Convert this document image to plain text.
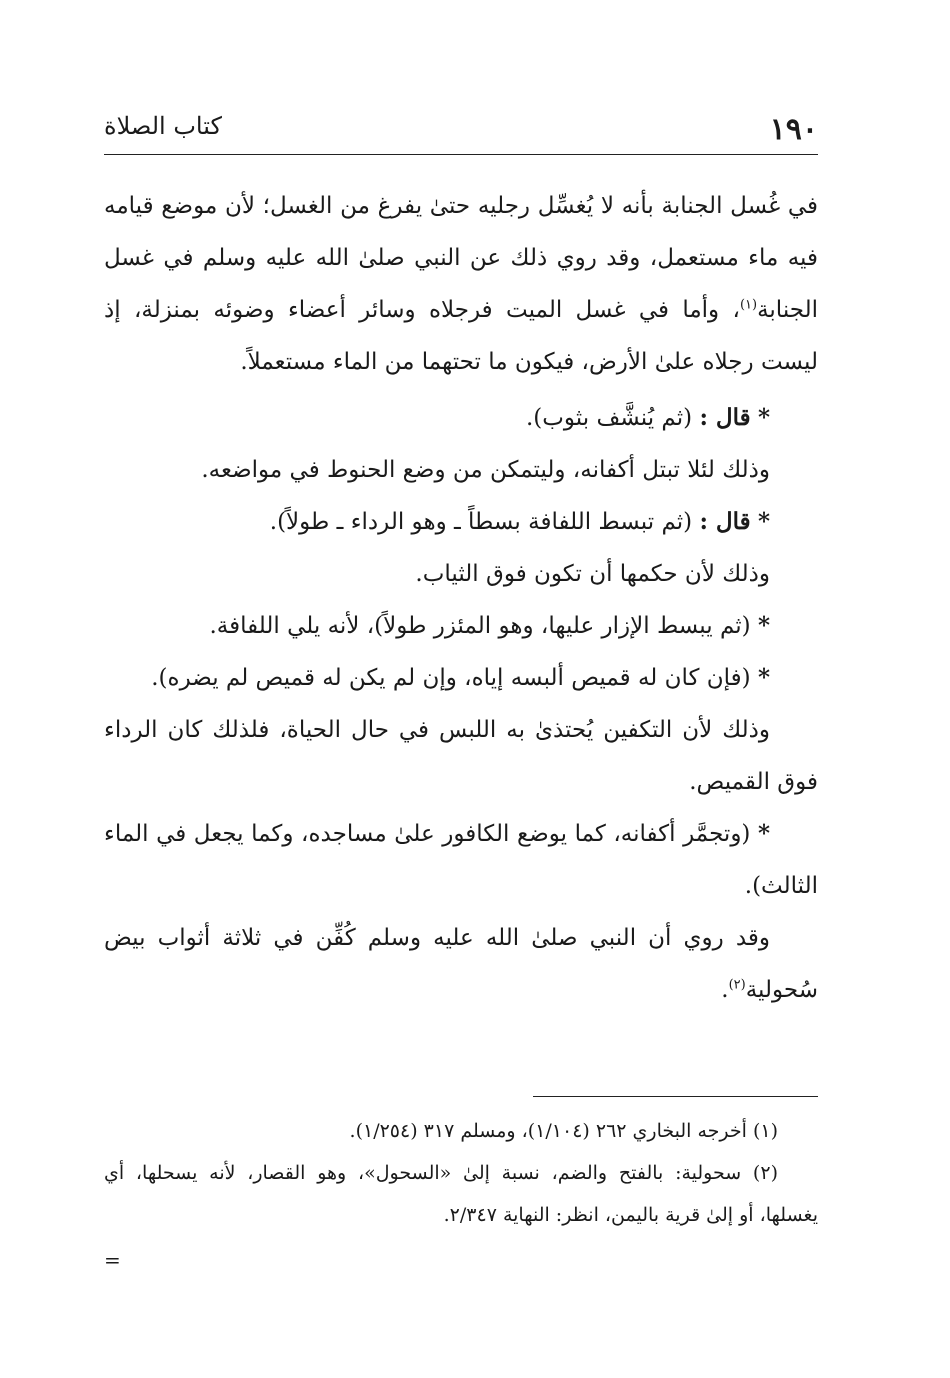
١٩٠
كتاب الصلاة

في غُسل الجنابة بأنه لا يُغسِّل رجليه حتىٰ يفرغ من الغسل؛ لأن موضع قيامه فيه ماء مستعمل، وقد روي ذلك عن النبي صلىٰ الله عليه وسلم في غسل الجنابة$^{(١)}$، وأما في غسل الميت فرجلاه وسائر أعضاء وضوئه بمنزلة، إذ ليست رجلاه علىٰ الأرض، فيكون ما تحتهما من الماء مستعملاً.

* قال : (ثم يُنشَّف بثوب).

وذلك لئلا تبتل أكفانه، وليتمكن من وضع الحنوط في مواضعه.

* قال : (ثم تبسط اللفافة بسطاً ـ وهو الرداء ـ طولاً).

وذلك لأن حكمها أن تكون فوق الثياب.

* (ثم يبسط الإزار عليها، وهو المئزر طولاً)، لأنه يلي اللفافة.

* (فإن كان له قميص ألبسه إياه، وإن لم يكن له قميص لم يضره).

وذلك لأن التكفين يُحتذىٰ به اللبس في حال الحياة، فلذلك كان الرداء فوق القميص.

* (وتجمَّر أكفانه، كما يوضع الكافور علىٰ مساجده، وكما يجعل في الماء الثالث).

وقد روي أن النبي صلىٰ الله عليه وسلم كُفِّن في ثلاثة أثواب بيض سُحولية$^{(٢)}$.

(١) أخرجه البخاري ٢٦٢ (١/١٠٤)، ومسلم ٣١٧ (١/٢٥٤).

(٢) سحولية: بالفتح والضم، نسبة إلىٰ «السحول»، وهو القصار، لأنه يسحلها، أي يغسلها، أو إلىٰ قرية باليمن، انظر: النهاية ٢/٣٤٧.

=
